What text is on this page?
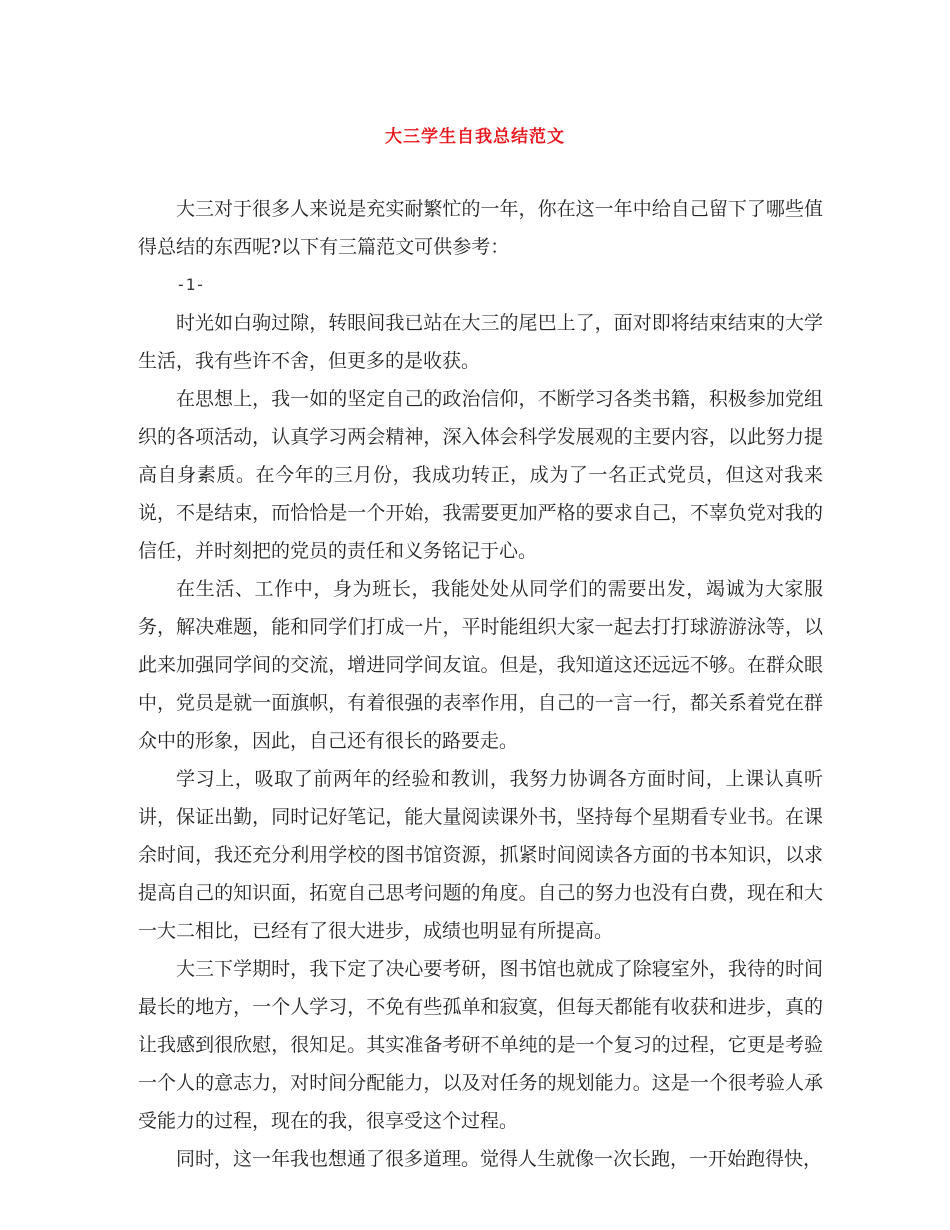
大三学生自我总结范文

大三对于很多人来说是充实耐繁忙的一年，你在这一年中给自己留下了哪些值得总结的东西呢?以下有三篇范文可供参考：

-1-

时光如白驹过隙，转眼间我已站在大三的尾巴上了，面对即将结束结束的大学生活，我有些许不舍，但更多的是收获。

在思想上，我一如的坚定自己的政治信仰，不断学习各类书籍，积极参加党组织的各项活动，认真学习两会精神，深入体会科学发展观的主要内容，以此努力提高自身素质。在今年的三月份，我成功转正，成为了一名正式党员，但这对我来说，不是结束，而恰恰是一个开始，我需要更加严格的要求自己，不辜负党对我的信任，并时刻把的党员的责任和义务铭记于心。

在生活、工作中，身为班长，我能处处从同学们的需要出发，竭诚为大家服务，解决难题，能和同学们打成一片，平时能组织大家一起去打打球游游泳等，以此来加强同学间的交流，增进同学间友谊。但是，我知道这还远远不够。在群众眼中，党员是就一面旗帜，有着很强的表率作用，自己的一言一行，都关系着党在群众中的形象，因此，自己还有很长的路要走。

学习上，吸取了前两年的经验和教训，我努力协调各方面时间，上课认真听讲，保证出勤，同时记好笔记，能大量阅读课外书，坚持每个星期看专业书。在课余时间，我还充分利用学校的图书馆资源，抓紧时间阅读各方面的书本知识，以求提高自己的知识面，拓宽自己思考问题的角度。自己的努力也没有白费，现在和大一大二相比，已经有了很大进步，成绩也明显有所提高。

大三下学期时，我下定了决心要考研，图书馆也就成了除寝室外，我待的时间最长的地方，一个人学习，不免有些孤单和寂寞，但每天都能有收获和进步，真的让我感到很欣慰，很知足。其实准备考研不单纯的是一个复习的过程，它更是考验一个人的意志力，对时间分配能力，以及对任务的规划能力。这是一个很考验人承受能力的过程，现在的我，很享受这个过程。

同时，这一年我也想通了很多道理。觉得人生就像一次长跑，一开始跑得快，
